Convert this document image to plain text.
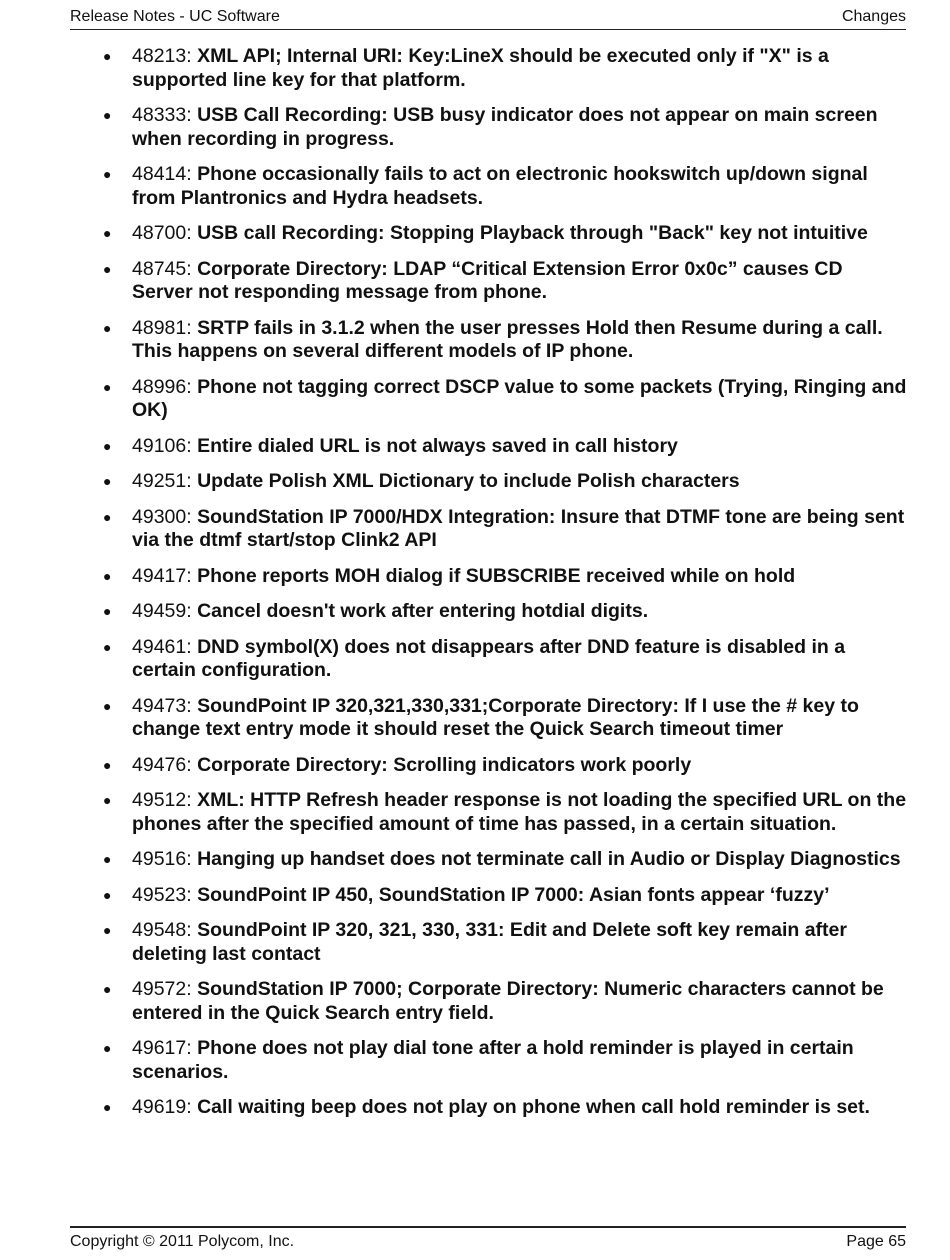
Release Notes - UC Software	Changes
● 48213: XML API; Internal URI: Key:LineX should be executed only if "X" is a supported line key for that platform.
● 48333: USB Call Recording: USB busy indicator does not appear on main screen when recording in progress.
● 48414: Phone occasionally fails to act on electronic hookswitch up/down signal from Plantronics and Hydra headsets.
● 48700: USB call Recording: Stopping Playback through "Back" key not intuitive
● 48745: Corporate Directory: LDAP “Critical Extension Error 0x0c” causes CD Server not responding message from phone.
● 48981: SRTP fails in 3.1.2 when the user presses Hold then Resume during a call. This happens on several different models of IP phone.
● 48996: Phone not tagging correct DSCP value to some packets (Trying, Ringing and OK)
● 49106: Entire dialed URL is not always saved in call history
● 49251: Update Polish XML Dictionary to include Polish characters
● 49300: SoundStation IP 7000/HDX Integration: Insure that DTMF tone are being sent via the dtmf start/stop Clink2 API
● 49417: Phone reports MOH dialog if SUBSCRIBE received while on hold
● 49459: Cancel doesn't work after entering hotdial digits.
● 49461: DND symbol(X) does not disappears after DND feature is disabled in a certain configuration.
● 49473: SoundPoint IP 320,321,330,331;Corporate Directory: If I use the # key to change text entry mode it should reset the Quick Search timeout timer
● 49476: Corporate Directory: Scrolling indicators work poorly
● 49512: XML: HTTP Refresh header response is not loading the specified URL on the phones after the specified amount of time has passed, in a certain situation.
● 49516: Hanging up handset does not terminate call in Audio or Display Diagnostics
● 49523: SoundPoint IP 450, SoundStation IP 7000: Asian fonts appear ‘fuzzy’
● 49548: SoundPoint IP 320, 321, 330, 331: Edit and Delete soft key remain after deleting last contact
● 49572: SoundStation IP 7000; Corporate Directory: Numeric characters cannot be entered in the Quick Search entry field.
● 49617: Phone does not play dial tone after a hold reminder is played in certain scenarios.
● 49619: Call waiting beep does not play on phone when call hold reminder is set.
Copyright © 2011 Polycom, Inc.	Page 65
